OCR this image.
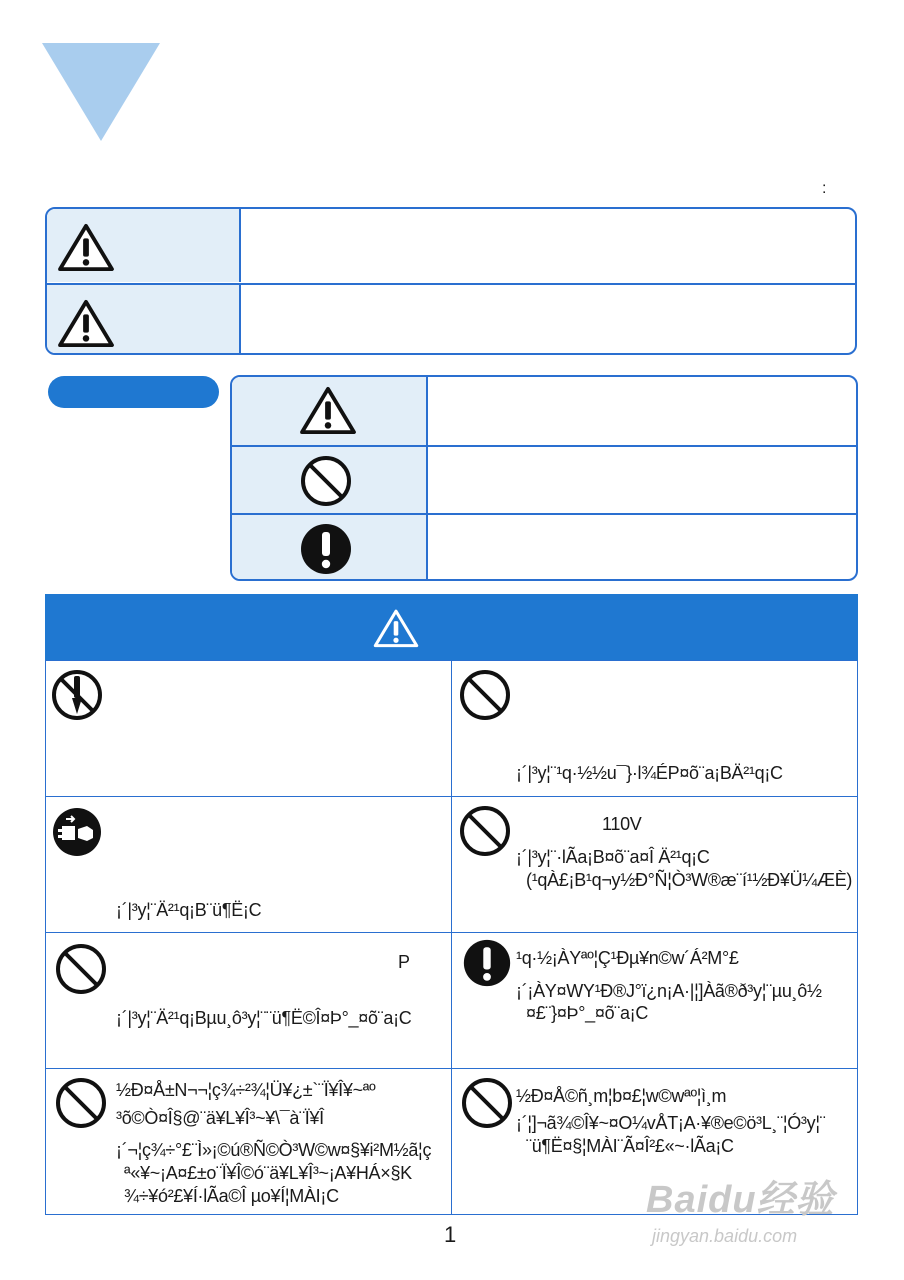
:
¡´|³y¦¨¹q·½½u¯}·l¾ÉP¤õ¨a¡BÄ²¹q¡C
¡´|³y¦¨Ä²¹q¡B¨ü¶Ë¡C
110V
¡´|³y¦¨·lÃa¡B¤õ¨a¤Î Ä²¹q¡C
(¹qÀ£¡B¹q¬y½Ð°Ñ¦Ò³W®æ¨í¹½Ð¥Ü¼ÆÈ)
P
¡´|³y¦¨Ä²¹q¡Bµu¸ô³y¦¨¨ü¶Ë©Î¤Þ°_¤õ¨a¡C
¹q·½¡ÀYªº¦Ç¹Ðµ¥n©w´Á²M°£
¡´¡ÀY¤WY¹Ð®J°ï¿n¡A·|¦]Àã®ð³y¦¨µu¸ô½
¤£¨}¤Þ°_¤õ¨a¡C
½Ð¤Å±N¬¬¦ç¾÷²¾¦Ü¥¿±`¨Ï¥Î¥~ªº
³õ©Ò¤Î§@¨ä¥L¥Î³~¥\¯à¨Ï¥Î
¡´¬¦ç¾÷°£¨Ì»¡©ú®Ñ©Ò³W©w¤§¥i²M½ã¦ç
ª«¥~¡A¤£±o¨Ï¥Î©ó¨ä¥L¥Î³~¡A¥HÁ×§K
¾÷¥ó²£¥Í·lÃa©Î µo¥Í¦MÀI¡C
½Ð¤Å©ñ¸m¦b¤£¦w©wªº¦ì¸m
¡´¦]¬ã¾©Î¥~¤O¼vÅT¡A·¥®e©ö³L¸¨¦Ó³y¦¨
¨ü¶Ë¤§¦MÀI¨Ã¤Î²£«~·lÃa¡C
1
Baidu经验
jingyan.baidu.com
